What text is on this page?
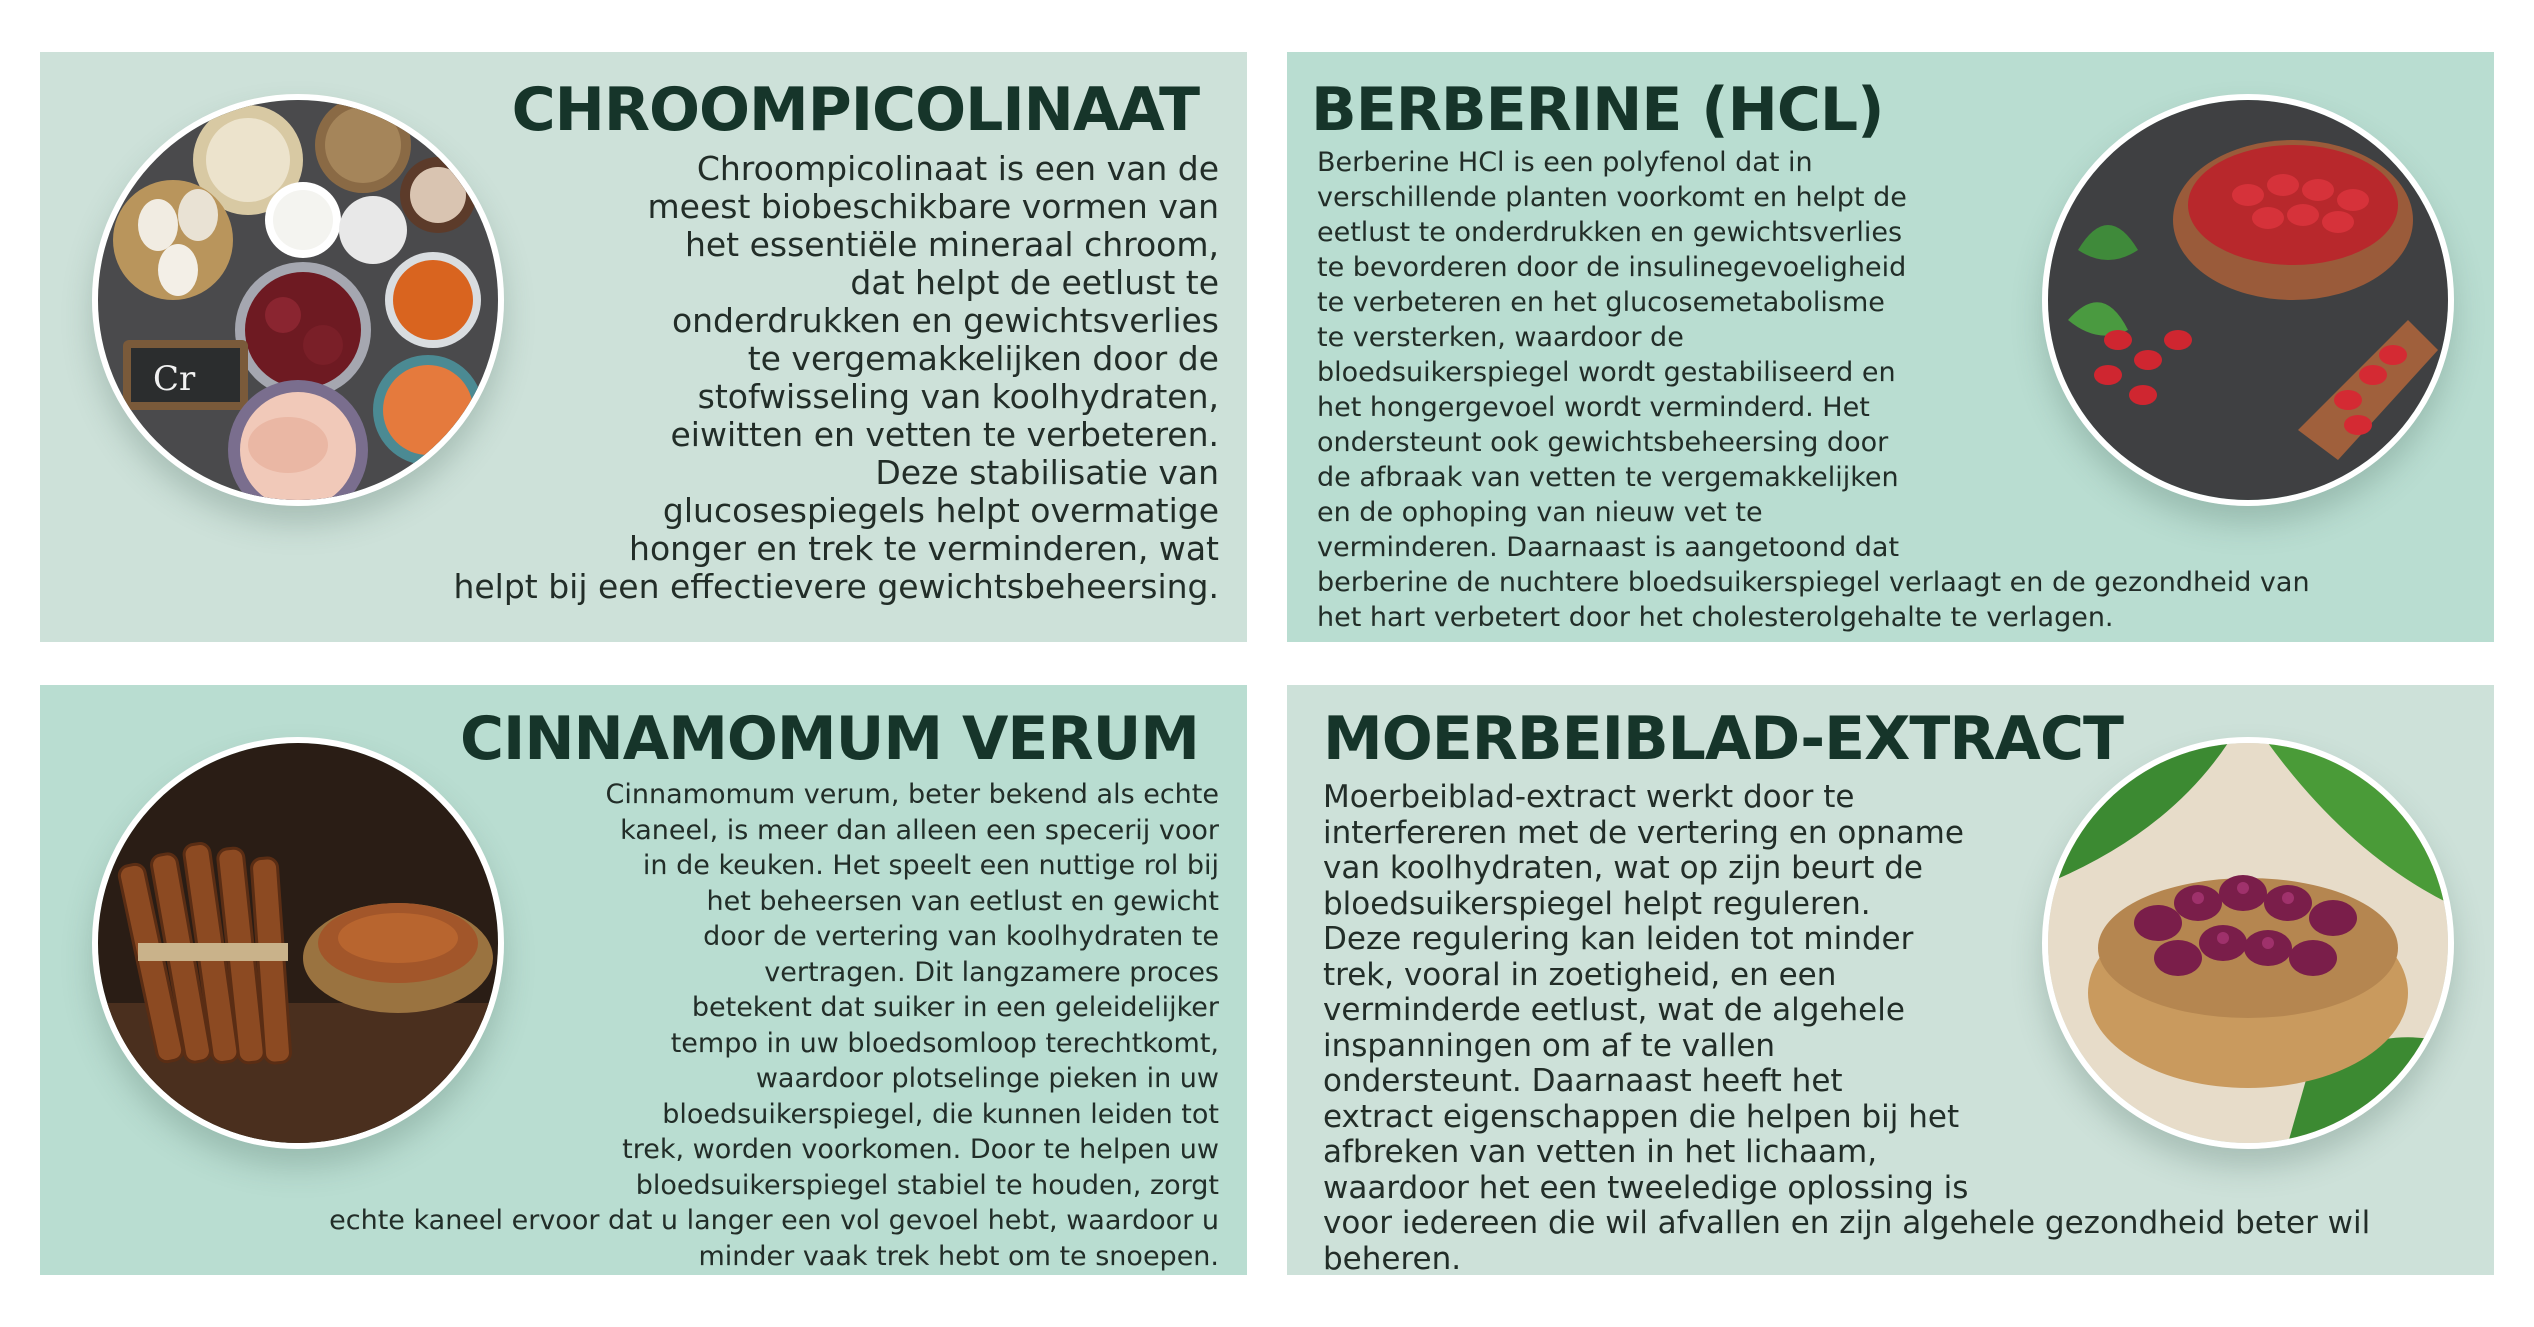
Cr
CHROOMPICOLINAAT

Chroompicolinaat is een van de
meest biobeschikbare vormen van
het essentiële mineraal chroom,
dat helpt de eetlust te
onderdrukken en gewichtsverlies
te vergemakkelijken door de
stofwisseling van koolhydraten,
eiwitten en vetten te verbeteren.
Deze stabilisatie van
glucosespiegels helpt overmatige
honger en trek te verminderen, wat
helpt bij een effectievere gewichtsbeheersing.

BERBERINE (HCL)

Berberine HCl is een polyfenol dat in
verschillende planten voorkomt en helpt de
eetlust te onderdrukken en gewichtsverlies
te bevorderen door de insulinegevoeligheid
te verbeteren en het glucosemetabolisme
te versterken, waardoor de
bloedsuikerspiegel wordt gestabiliseerd en
het hongergevoel wordt verminderd. Het
ondersteunt ook gewichtsbeheersing door
de afbraak van vetten te vergemakkelijken
en de ophoping van nieuw vet te
verminderen. Daarnaast is aangetoond dat
berberine de nuchtere bloedsuikerspiegel verlaagt en de gezondheid van
het hart verbetert door het cholesterolgehalte te verlagen.

CINNAMOMUM VERUM

Cinnamomum verum, beter bekend als echte
kaneel, is meer dan alleen een specerij voor
in de keuken. Het speelt een nuttige rol bij
het beheersen van eetlust en gewicht
door de vertering van koolhydraten te
vertragen. Dit langzamere proces
betekent dat suiker in een geleidelijker
tempo in uw bloedsomloop terechtkomt,
waardoor plotselinge pieken in uw
bloedsuikerspiegel, die kunnen leiden tot
trek, worden voorkomen. Door te helpen uw
bloedsuikerspiegel stabiel te houden, zorgt
echte kaneel ervoor dat u langer een vol gevoel hebt, waardoor u
minder vaak trek hebt om te snoepen.

MOERBEIBLAD-EXTRACT

Moerbeiblad-extract werkt door te
interfereren met de vertering en opname
van koolhydraten, wat op zijn beurt de
bloedsuikerspiegel helpt reguleren.
Deze regulering kan leiden tot minder
trek, vooral in zoetigheid, en een
verminderde eetlust, wat de algehele
inspanningen om af te vallen
ondersteunt. Daarnaast heeft het
extract eigenschappen die helpen bij het
afbreken van vetten in het lichaam,
waardoor het een tweeledige oplossing is
voor iedereen die wil afvallen en zijn algehele gezondheid beter wil
beheren.
